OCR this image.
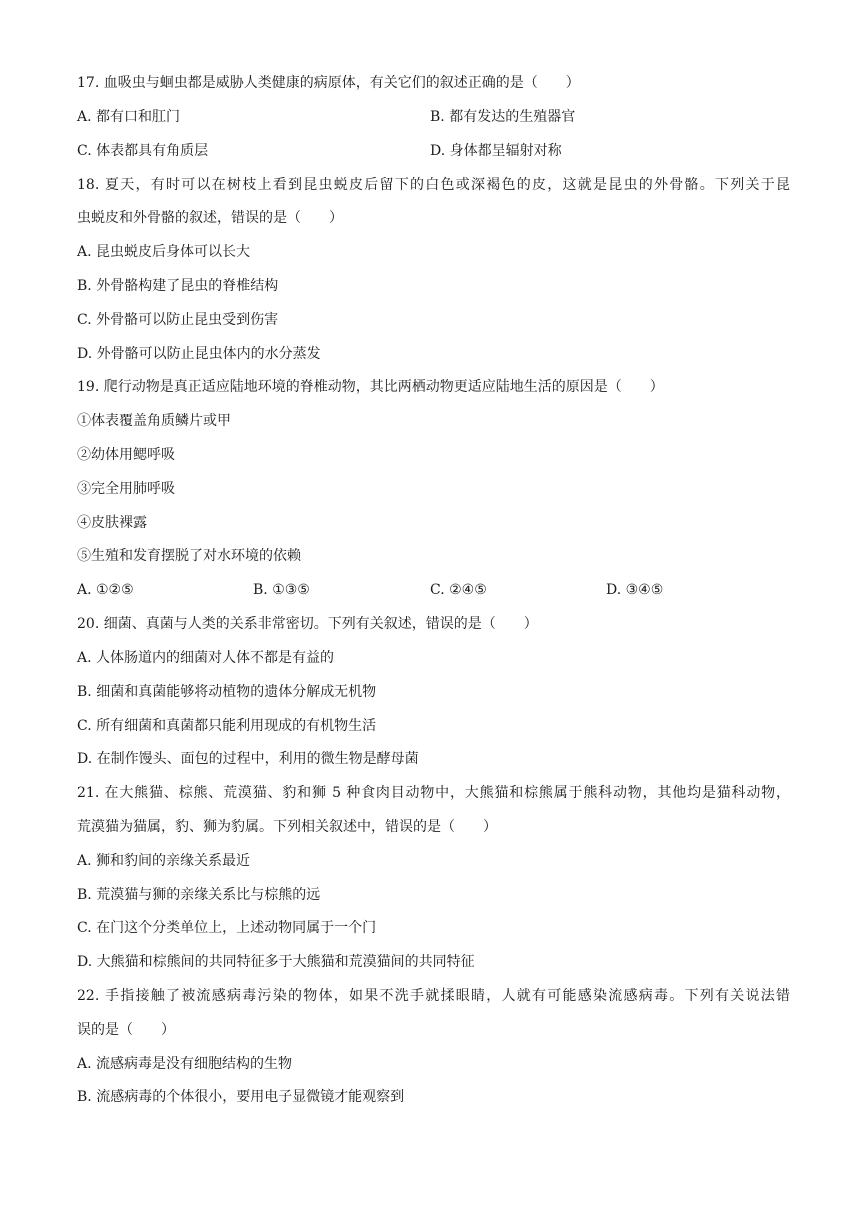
17. 血吸虫与蛔虫都是威胁人类健康的病原体，有关它们的叙述正确的是（　　）
A. 都有口和肛门	B. 都有发达的生殖器官
C. 体表都具有角质层	D. 身体都呈辐射对称
18. 夏天，有时可以在树枝上看到昆虫蜕皮后留下的白色或深褐色的皮，这就是昆虫的外骨骼。下列关于昆
虫蜕皮和外骨骼的叙述，错误的是（　　）
A. 昆虫蜕皮后身体可以长大
B. 外骨骼构建了昆虫的脊椎结构
C. 外骨骼可以防止昆虫受到伤害
D. 外骨骼可以防止昆虫体内的水分蒸发
19. 爬行动物是真正适应陆地环境的脊椎动物，其比两栖动物更适应陆地生活的原因是（　　）
①体表覆盖角质鳞片或甲
②幼体用鳃呼吸
③完全用肺呼吸
④皮肤裸露
⑤生殖和发育摆脱了对水环境的依赖
A. ①②⑤	B. ①③⑤	C. ②④⑤	D. ③④⑤
20. 细菌、真菌与人类的关系非常密切。下列有关叙述，错误的是（　　）
A. 人体肠道内的细菌对人体不都是有益的
B. 细菌和真菌能够将动植物的遗体分解成无机物
C. 所有细菌和真菌都只能利用现成的有机物生活
D. 在制作馒头、面包的过程中，利用的微生物是酵母菌
21. 在大熊猫、棕熊、荒漠猫、豹和狮 5 种食肉目动物中，大熊猫和棕熊属于熊科动物，其他均是猫科动物，
荒漠猫为猫属，豹、狮为豹属。下列相关叙述中，错误的是（　　）
A. 狮和豹间的亲缘关系最近
B. 荒漠猫与狮的亲缘关系比与棕熊的远
C. 在门这个分类单位上，上述动物同属于一个门
D. 大熊猫和棕熊间的共同特征多于大熊猫和荒漠猫间的共同特征
22. 手指接触了被流感病毒污染的物体，如果不洗手就揉眼睛，人就有可能感染流感病毒。下列有关说法错
误的是（　　）
A. 流感病毒是没有细胞结构的生物
B. 流感病毒的个体很小，要用电子显微镜才能观察到
